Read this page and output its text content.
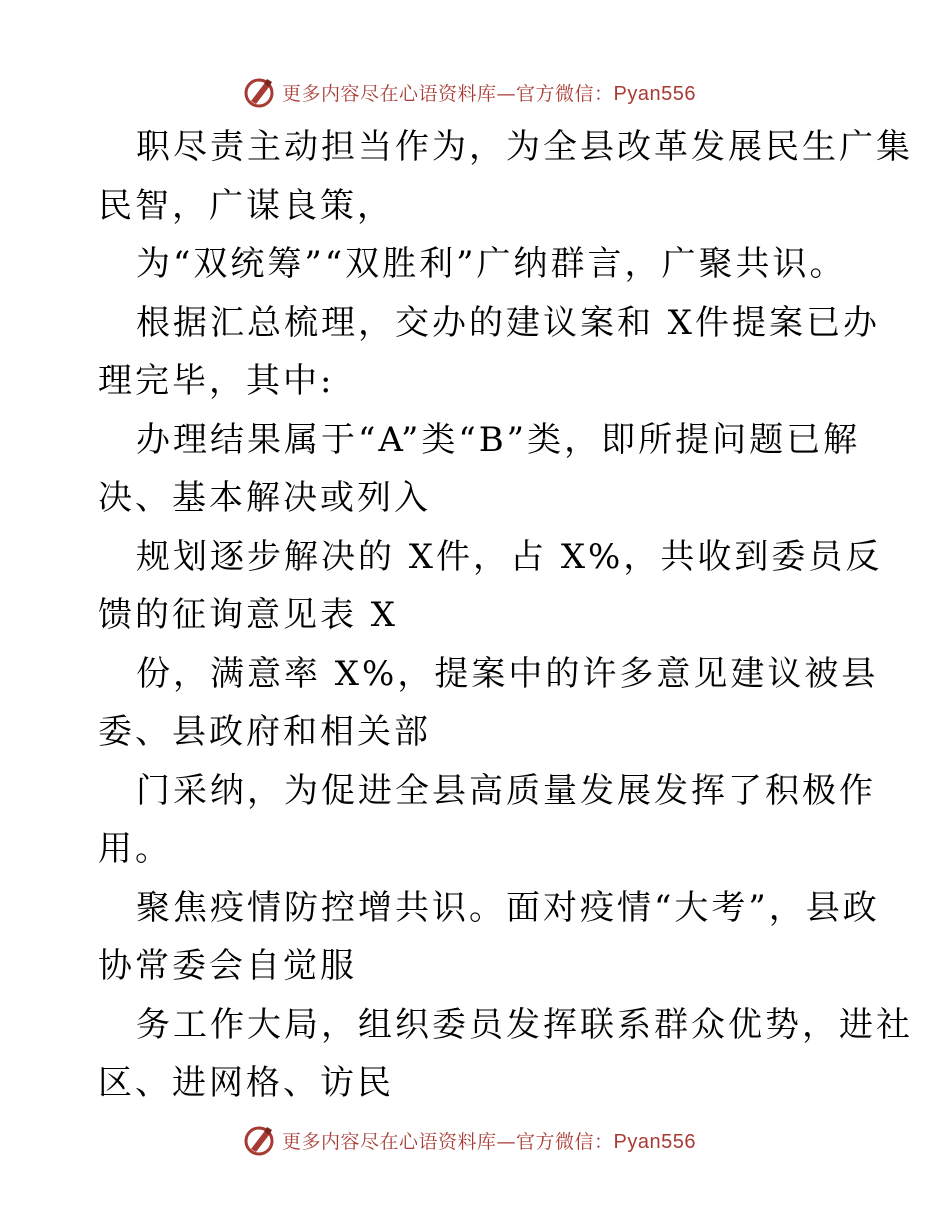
更多内容尽在心语资料库—官方微信：Pyan556

职尽责主动担当作为，为全县改革发展民生广集

民智，广谋良策，

为“双统筹”“双胜利”广纳群言，广聚共识。

根据汇总梳理，交办的建议案和 X件提案已办

理完毕，其中:

办理结果属于“A”类“B”类，即所提问题已解

决、基本解决或列入

规划逐步解决的 X件，占 X%，共收到委员反

馈的征询意见表 X

份，满意率 X%，提案中的许多意见建议被县

委、县政府和相关部

门采纳，为促进全县高质量发展发挥了积极作

用。

聚焦疫情防控增共识。面对疫情“大考”，县政

协常委会自觉服

务工作大局，组织委员发挥联系群众优势，进社

区、进网格、访民

更多内容尽在心语资料库—官方微信：Pyan556
